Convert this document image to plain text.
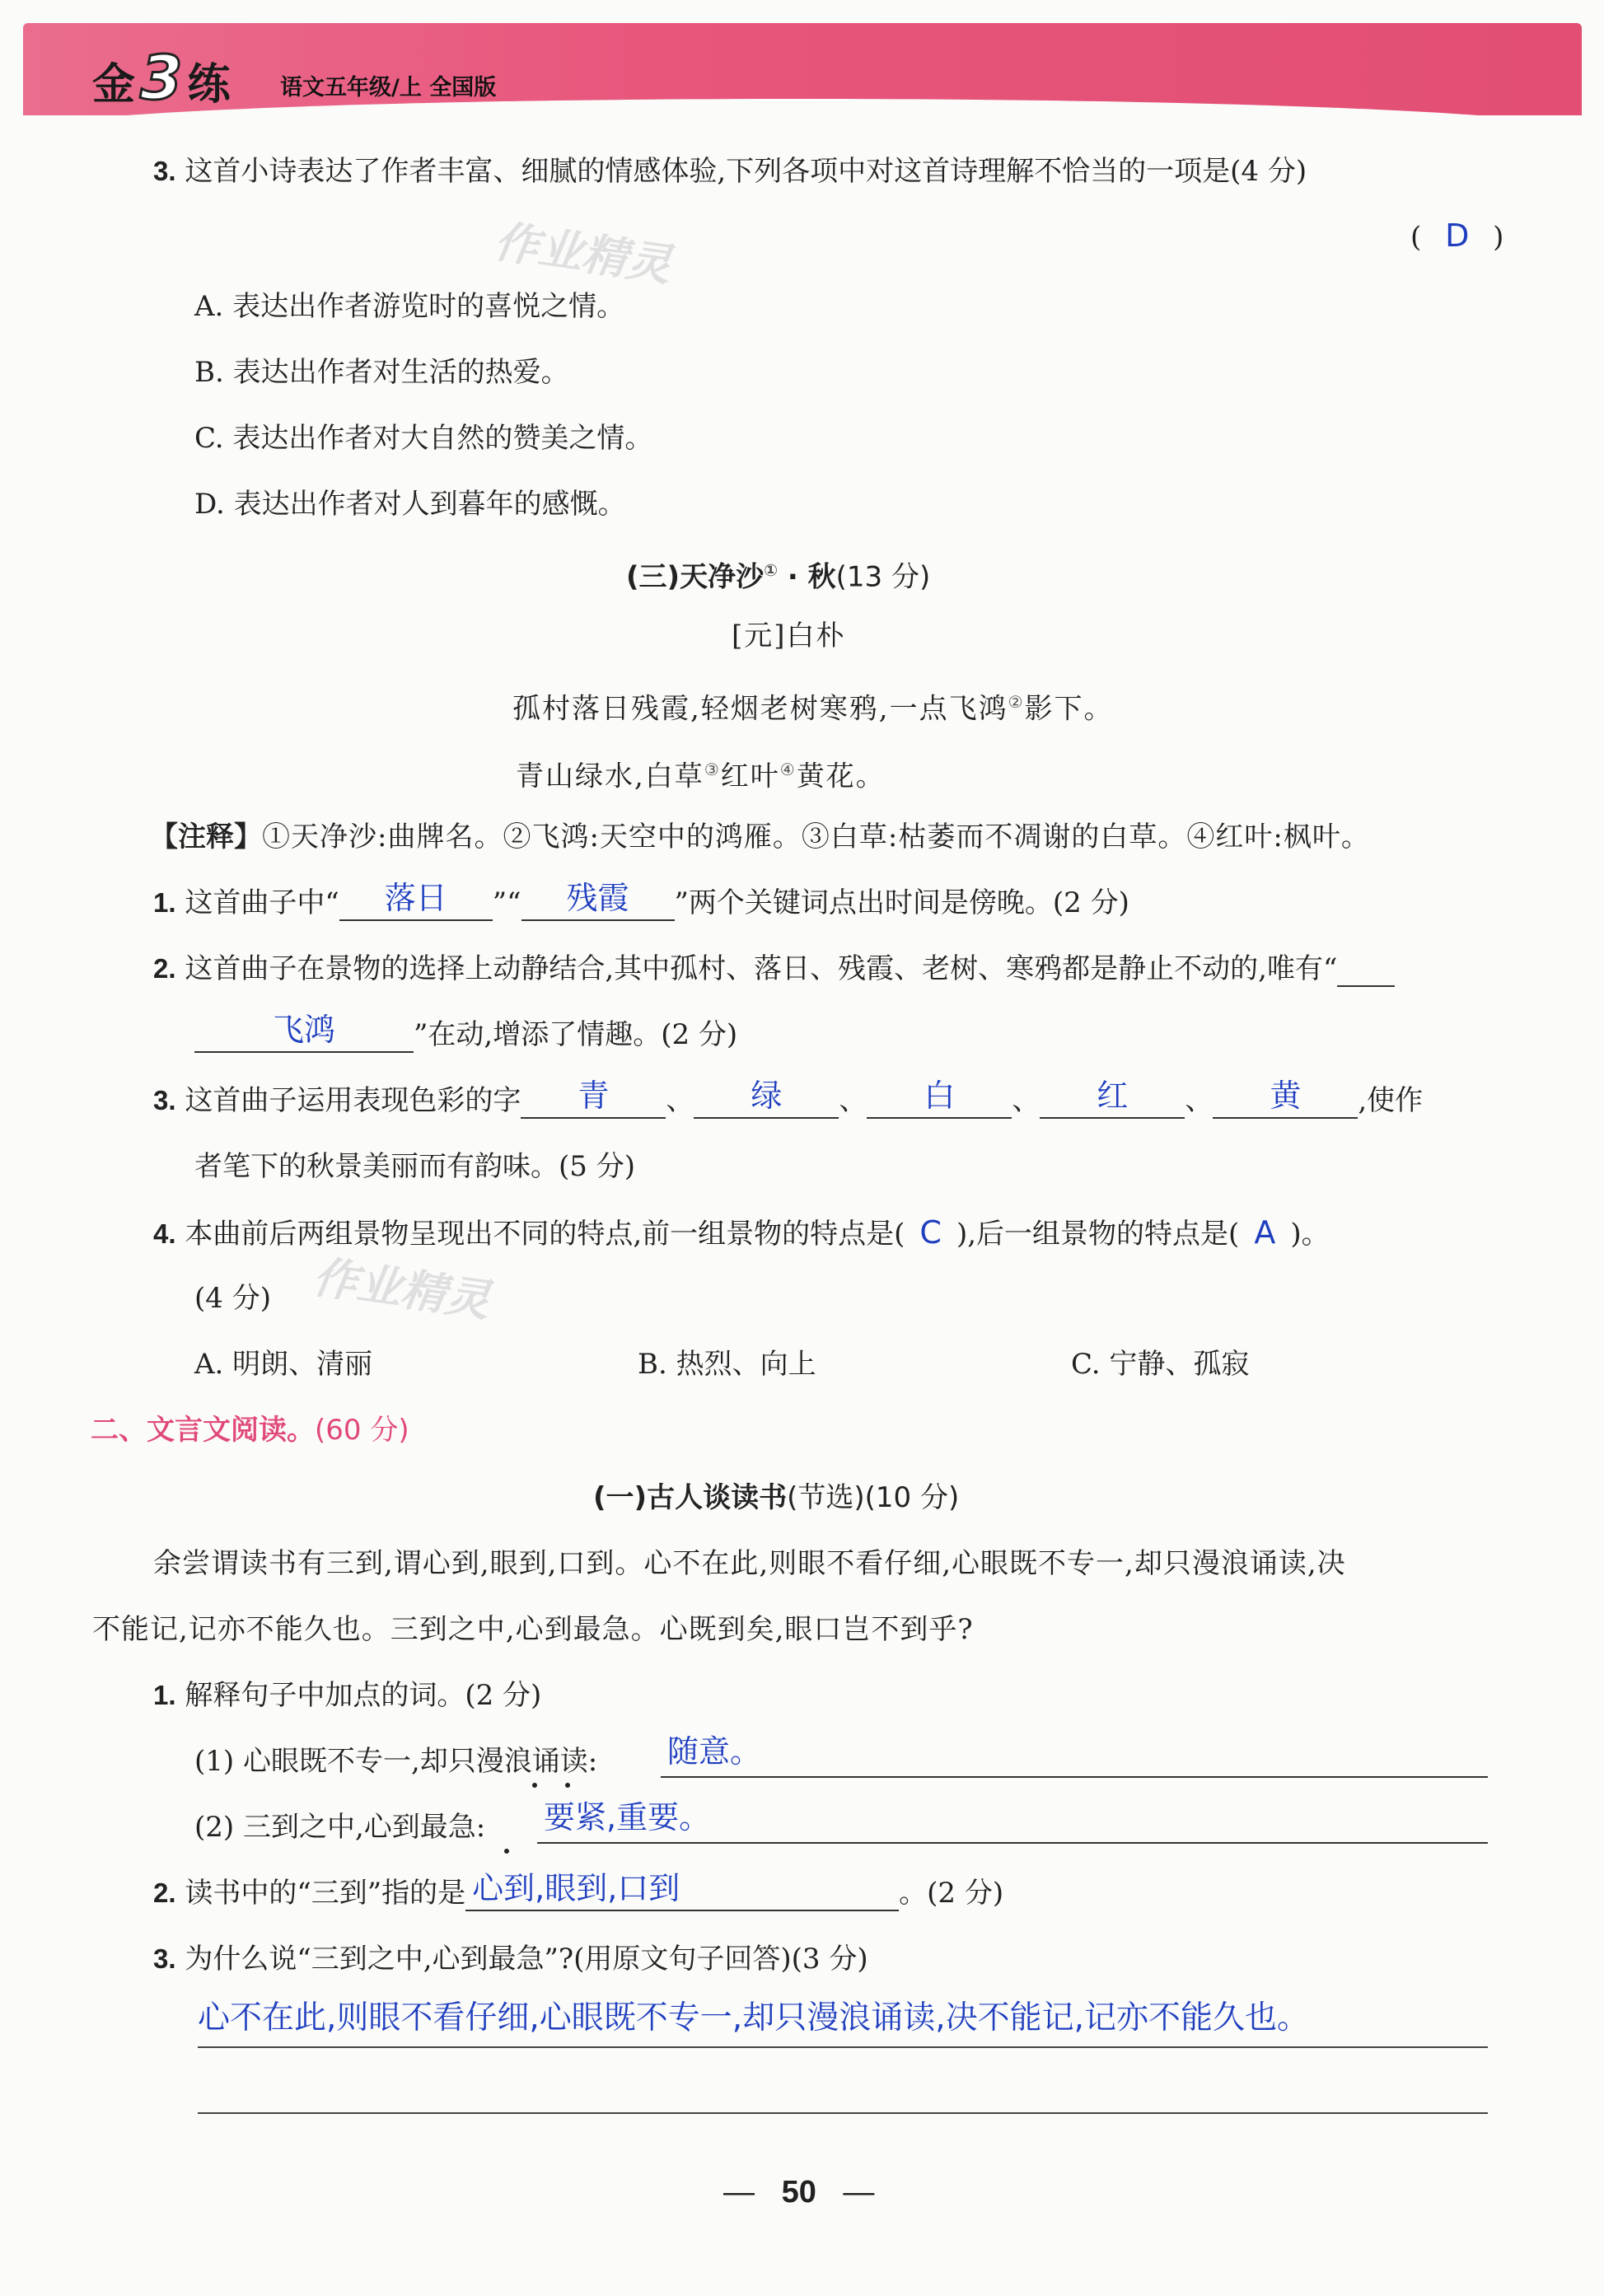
金3练 语文五年级/上 全国版
作业精灵
作业精灵
3. 这首小诗表达了作者丰富、细腻的情感体验,下列各项中对这首诗理解不恰当的一项是(4 分)
( D )
A. 表达出作者游览时的喜悦之情。
B. 表达出作者对生活的热爱。
C. 表达出作者对大自然的赞美之情。
D. 表达出作者对人到暮年的感慨。
(三)天净沙① · 秋(13 分)
[元]白朴
孤村落日残霞,轻烟老树寒鸦,一点飞鸿②影下。
青山绿水,白草③红叶④黄花。
【注释】①天净沙:曲牌名。②飞鸿:天空中的鸿雁。③白草:枯萎而不凋谢的白草。④红叶:枫叶。
1. 这首曲子中“	落日	”“	残霞	”两个关键词点出时间是傍晚。(2 分)
2. 这首曲子在景物的选择上动静结合,其中孤村、落日、残霞、老树、寒鸦都是静止不动的,唯有“
飞鸿	”在动,增添了情趣。(2 分)
3. 这首曲子运用表现色彩的字	青	、	绿	、	白	、	红	、	黄	,使作
者笔下的秋景美丽而有韵味。(5 分)
4. 本曲前后两组景物呈现出不同的特点,前一组景物的特点是( C ),后一组景物的特点是( A )。
(4 分)
A. 明朗、清丽	B. 热烈、向上	C. 宁静、孤寂
二、文言文阅读。(60 分)
(一)古人谈读书(节选)(10 分)
余尝谓读书有三到,谓心到,眼到,口到。心不在此,则眼不看仔细,心眼既不专一,却只漫浪诵读,决
不能记,记亦不能久也。三到之中,心到最急。心既到矣,眼口岂不到乎?
1. 解释句子中加点的词。(2 分)
(1) 心眼既不专一,却只漫浪诵读: 随意。
(2) 三到之中,心到最急: 要紧,重要。
2. 读书中的“三到”指的是 心到,眼到,口到	。(2 分)
3. 为什么说“三到之中,心到最急”?(用原文句子回答)(3 分)
心不在此,则眼不看仔细,心眼既不专一,却只漫浪诵读,决不能记,记亦不能久也。
— 50 —
